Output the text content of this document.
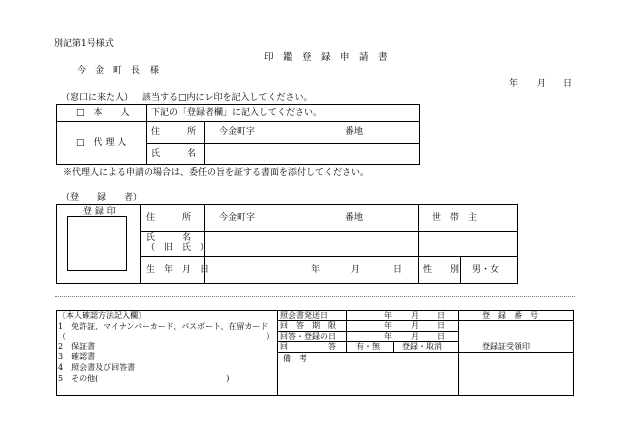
別記第1号様式
印　鑑　登　録　申　請　書
今　金　町　長 様
年 月 日
（窓口に来た人） 該当する□内にレ印を記入してください。
□　本　　人 下記の「登録者欄」に記入してください。
□　代 理 人
住　　　所	今金町字	番地
氏　　　名
※代理人による申請の場合は、委任の旨を証する書面を添付してください。
（登　　録　　者）
登 録 印
住　　　所	今金町字	番地	世　帯　主
氏　　　名
（　旧　氏　）
生　年　月　日	年	月	日 性　　別 男・女
〔本人確認方法記入欄〕
1　免許証、マイナンバーカード、パスポート、在留カード
（　　　　　　　　　　　　　　　　　　　　　　　　　）
2　保証書
3　確認書
4　照会書及び回答書
5　その他(　　　　　　　　　　　　　　　　)
照会書発送日	年 月 日
回　答　期　限	年 月 日
回答・登録の日	年 月 日
回　　　　　答	有・無	登録・取消
備　考
登　録　番　号
登録証受領印
